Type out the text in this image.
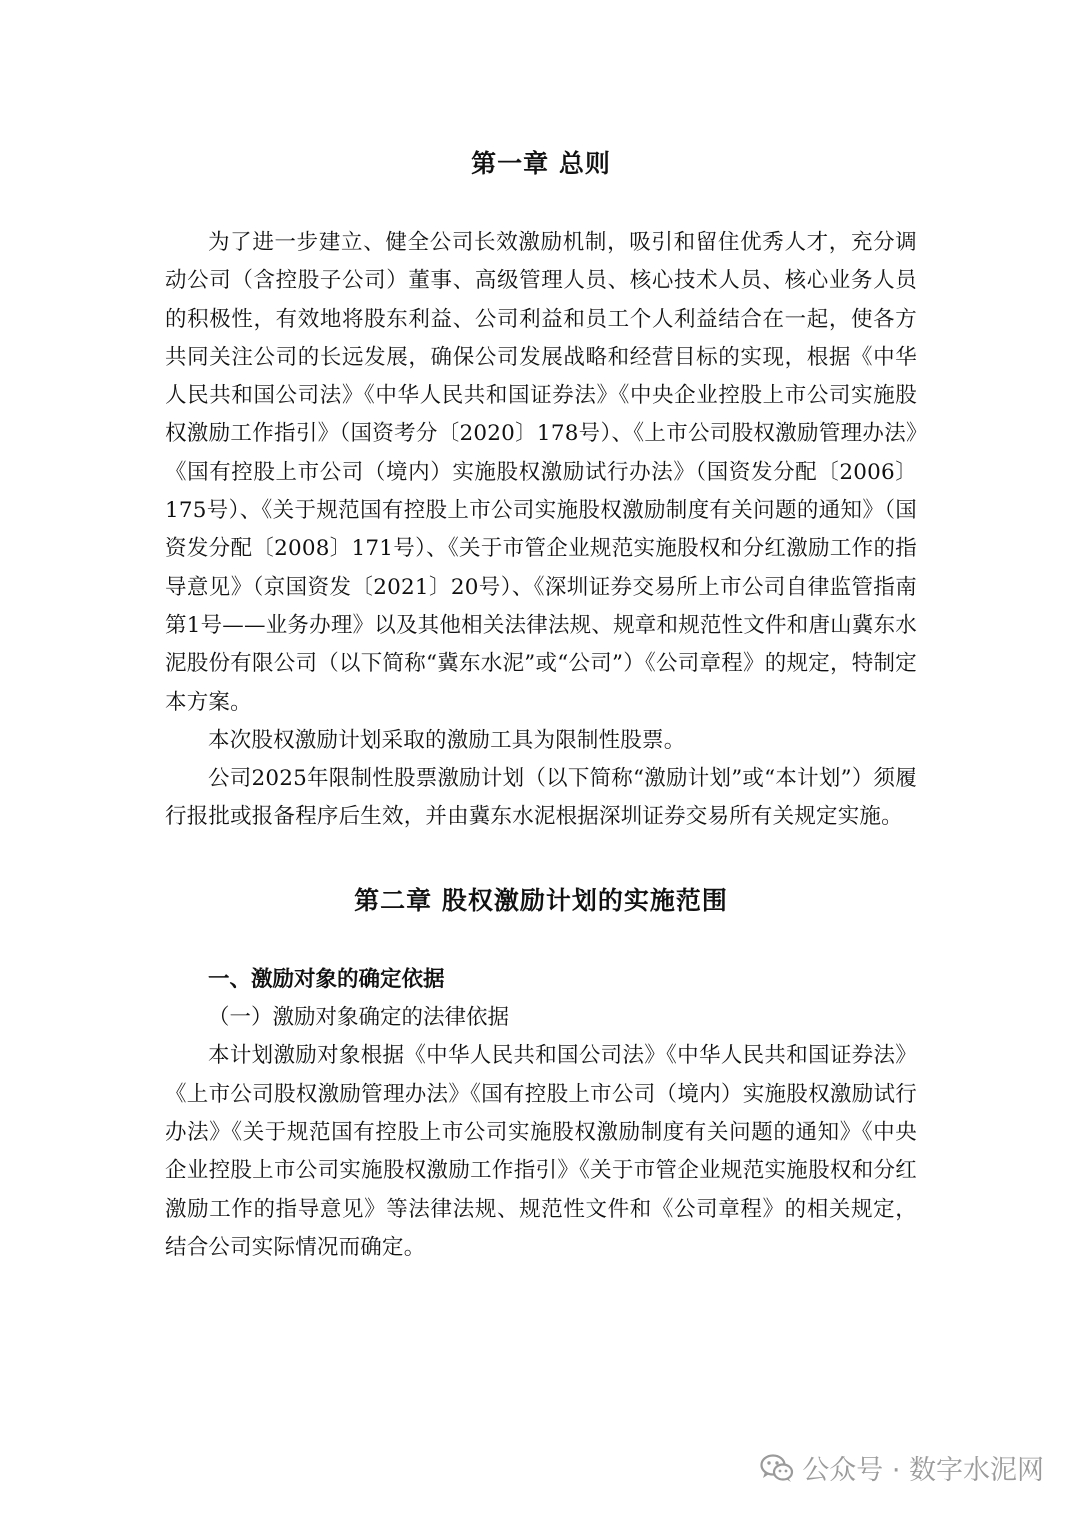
第一章 总则

为了进一步建立、健全公司长效激励机制，吸引和留住优秀人才，充分调动公司（含控股子公司）董事、高级管理人员、核心技术人员、核心业务人员的积极性，有效地将股东利益、公司利益和员工个人利益结合在一起，使各方共同关注公司的长远发展，确保公司发展战略和经营目标的实现，根据《中华人民共和国公司法》《中华人民共和国证券法》《中央企业控股上市公司实施股权激励工作指引》（国资考分〔2020〕178号）、《上市公司股权激励管理办法》《国有控股上市公司（境内）实施股权激励试行办法》（国资发分配〔2006〕175号）、《关于规范国有控股上市公司实施股权激励制度有关问题的通知》（国资发分配〔2008〕171号）、《关于市管企业规范实施股权和分红激励工作的指导意见》（京国资发〔2021〕20号）、《深圳证券交易所上市公司自律监管指南第1号——业务办理》以及其他相关法律法规、规章和规范性文件和唐山冀东水泥股份有限公司（以下简称“冀东水泥”或“公司”）《公司章程》的规定，特制定本方案。

本次股权激励计划采取的激励工具为限制性股票。

公司2025年限制性股票激励计划（以下简称“激励计划”或“本计划”）须履行报批或报备程序后生效，并由冀东水泥根据深圳证券交易所有关规定实施。

第二章 股权激励计划的实施范围

一、激励对象的确定依据

（一）激励对象确定的法律依据

本计划激励对象根据《中华人民共和国公司法》《中华人民共和国证券法》《上市公司股权激励管理办法》《国有控股上市公司（境内）实施股权激励试行办法》《关于规范国有控股上市公司实施股权激励制度有关问题的通知》《中央企业控股上市公司实施股权激励工作指引》《关于市管企业规范实施股权和分红激励工作的指导意见》等法律法规、规范性文件和《公司章程》的相关规定，结合公司实际情况而确定。

公众号 · 数字水泥网
